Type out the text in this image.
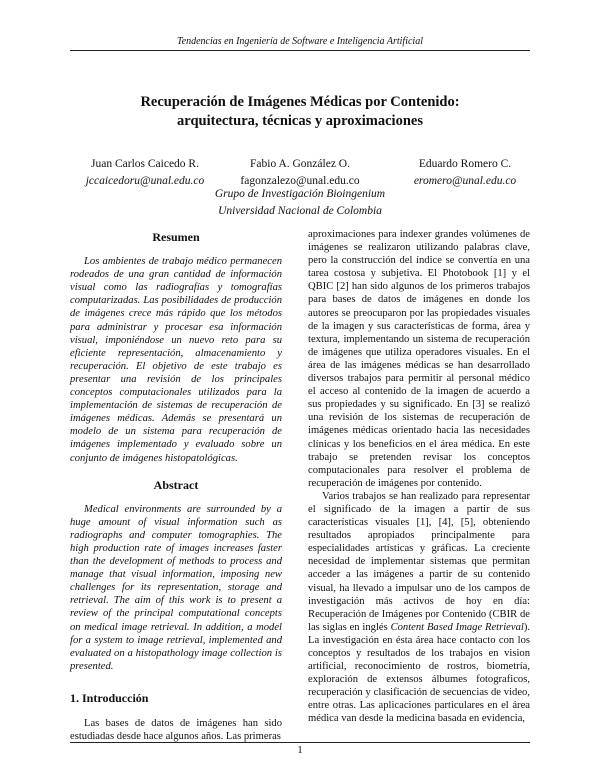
Tendencias en Ingeniería de Software e Inteligencia Artificial
Recuperación de Imágenes Médicas por Contenido:
arquitectura, técnicas y aproximaciones
Juan Carlos Caicedo R.
jccaicedoru@unal.edu.co
Fabio A. González O.
fagonzalezo@unal.edu.co
Eduardo Romero C.
eromero@unal.edu.co
Grupo de Investigación Bioingenium
Universidad Nacional de Colombia
Resumen

Los ambientes de trabajo médico permanecen rodeados de una gran cantidad de información visual como las radiografías y tomografías computarizadas. Las posibilidades de producción de imágenes crece más rápido que los métodos para administrar y procesar esa información visual, imponiéndose un nuevo reto para su eficiente representación, almacenamiento y recuperación. El objetivo de este trabajo es presentar una revisión de los principales conceptos computacionales utilizados para la implementación de sistemas de recuperación de imágenes médicas. Además se presentará un modelo de un sistema para recuperación de imágenes implementado y evaluado sobre un conjunto de imágenes histopatológicas.

Abstract

Medical environments are surrounded by a huge amount of visual information such as radiographs and computer tomographies. The high production rate of images increases faster than the development of methods to process and manage that visual information, imposing new challenges for its representation, storage and retrieval. The aim of this work is to present a review of the principal computational concepts on medical image retrieval. In addition, a model for a system to image retrieval, implemented and evaluated on a histopathology image collection is presented.

1. Introducción

Las bases de datos de imágenes han sido estudiadas desde hace algunos años. Las primeras

aproximaciones para indexer grandes volúmenes de imágenes se realizaron utilizando palabras clave, pero la construcción del índice se convertía en una tarea costosa y subjetiva. El Photobook [1] y el QBIC [2] han sido algunos de los primeros trabajos para bases de datos de imágenes en donde los autores se preocuparon por las propiedades visuales de la imagen y sus características de forma, área y textura, implementando un sistema de recuperación de imágenes que utiliza operadores visuales. En el área de las imágenes médicas se han desarrollado diversos trabajos para permitir al personal médico el acceso al contenido de la imagen de acuerdo a sus propiedades y su significado. En [3] se realizó una revisión de los sistemas de recuperación de imágenes médicas orientado hacia las necesidades clínicas y los beneficios en el área médica. En este trabajo se pretenden revisar los conceptos computacionales para resolver el problema de recuperación de imágenes por contenido.

Varios trabajos se han realizado para representar el significado de la imagen a partir de sus características visuales [1], [4], [5], obteniendo resultados apropiados principalmente para especialidades artísticas y gráficas. La creciente necesidad de implementar sistemas que permitan acceder a las imágenes a partir de su contenido visual, ha llevado a impulsar uno de los campos de investigación más activos de hoy en día: Recuperación de Imágenes por Contenido (CBIR de las siglas en inglés Content Based Image Retrieval). La investigación en ésta área hace contacto con los conceptos y resultados de los trabajos en vision artificial, reconocimiento de rostros, biometría, exploración de extensos álbumes fotograficos, recuperación y clasificación de secuencias de video, entre otras. Las aplicaciones particulares en el área médica van desde la medicina basada en evidencia,

1
